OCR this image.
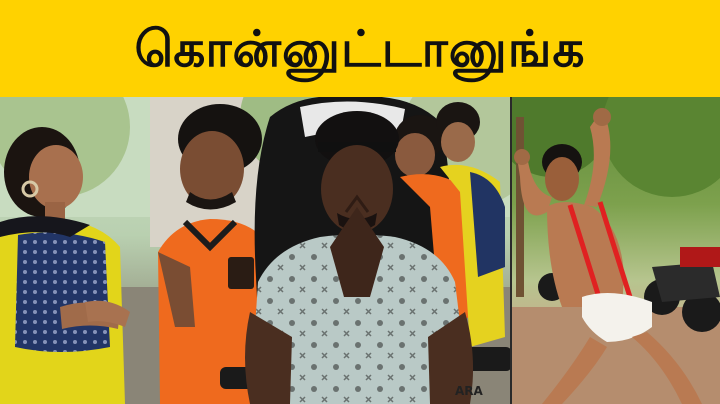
கொன்னுட்டானுங்க
ARA
